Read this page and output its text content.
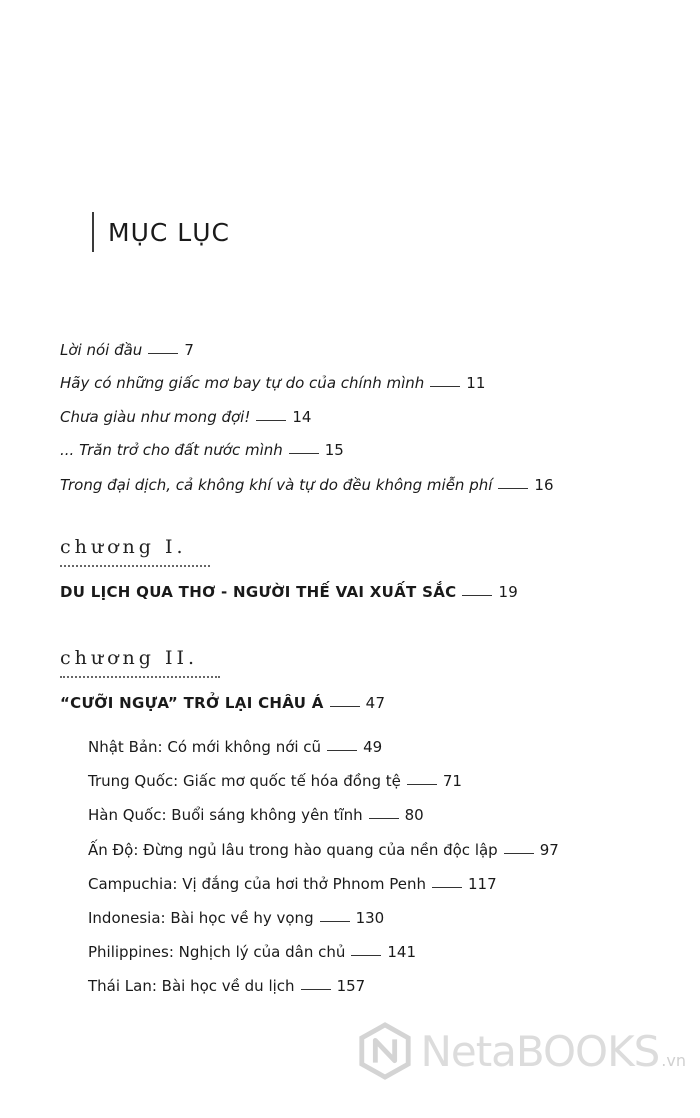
MỤC LỤC
Lời nói đầu	7
Hãy có những giấc mơ bay tự do của chính mình	11
Chưa giàu như mong đợi!	14
... Trăn trở cho đất nước mình	15
Trong đại dịch, cả không khí và tự do đều không miễn phí	16
chương I.
DU LỊCH QUA THƠ - NGƯỜI THẾ VAI XUẤT SẮC	19
chương II.
“CƯỠI NGỰA” TRỞ LẠI CHÂU Á	47
Nhật Bản: Có mới không nới cũ	49
Trung Quốc: Giấc mơ quốc tế hóa đồng tệ	71
Hàn Quốc: Buổi sáng không yên tĩnh	80
Ấn Độ: Đừng ngủ lâu trong hào quang của nền độc lập	97
Campuchia: Vị đắng của hơi thở Phnom Penh	117
Indonesia: Bài học về hy vọng	130
Philippines: Nghịch lý của dân chủ	141
Thái Lan: Bài học về du lịch	157
NetaBOOKS .vn
